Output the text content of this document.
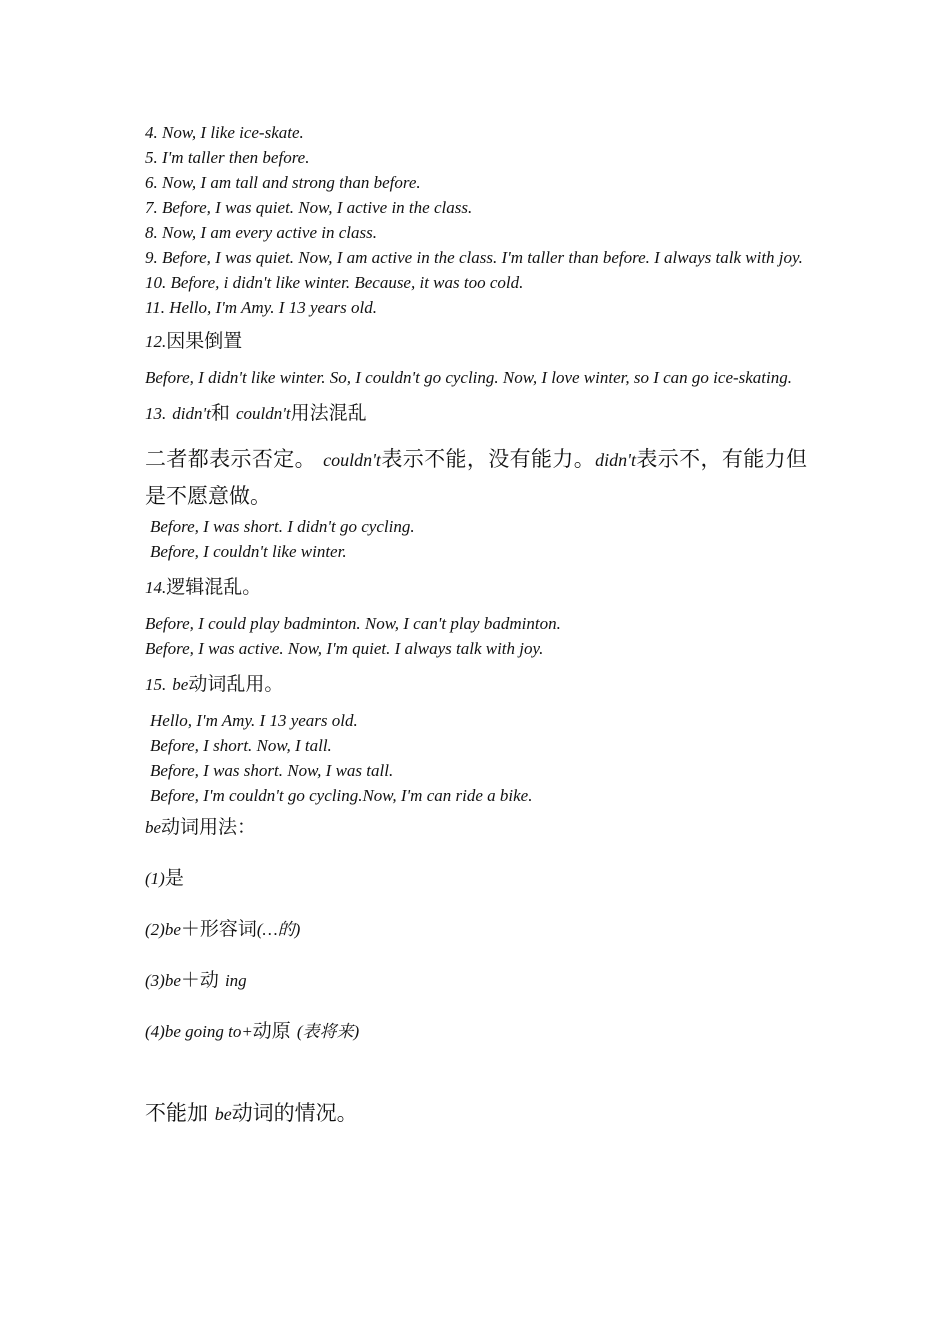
4. Now, I like ice-skate.

5. I'm taller then before.

6. Now, I am tall and strong than before.

7. Before, I was quiet. Now, I active in the class.

8. Now, I am every active in class.

9. Before, I was quiet. Now, I am active in the class. I'm taller than before. I always talk with joy.

10. Before, i didn't like winter. Because, it was too cold.

11. Hello, I'm Amy. I 13 years old.

12.因果倒置

Before, I didn't like winter. So, I couldn't go cycling. Now, I love winter, so I can go ice-skating.

13. didn't和 couldn't用法混乱

二者都表示否定。 couldn't表示不能，没有能力。didn't表示不，有能力但是不愿意做。

Before, I was short. I didn't go cycling.

Before, I couldn't like winter.

14.逻辑混乱。

Before, I could play badminton. Now, I can't play badminton.

Before, I was active. Now, I'm quiet. I always talk with joy.

15. be动词乱用。

Hello, I'm Amy. I 13 years old.

Before, I short. Now, I tall.

Before, I was short. Now, I was tall.

Before, I'm couldn't go cycling.Now, I'm can ride a bike.

be动词用法：

(1)是

(2)be＋形容词(…的)

(3)be＋动 ing

(4)be going to+动原 (表将来)

不能加 be动词的情况。
